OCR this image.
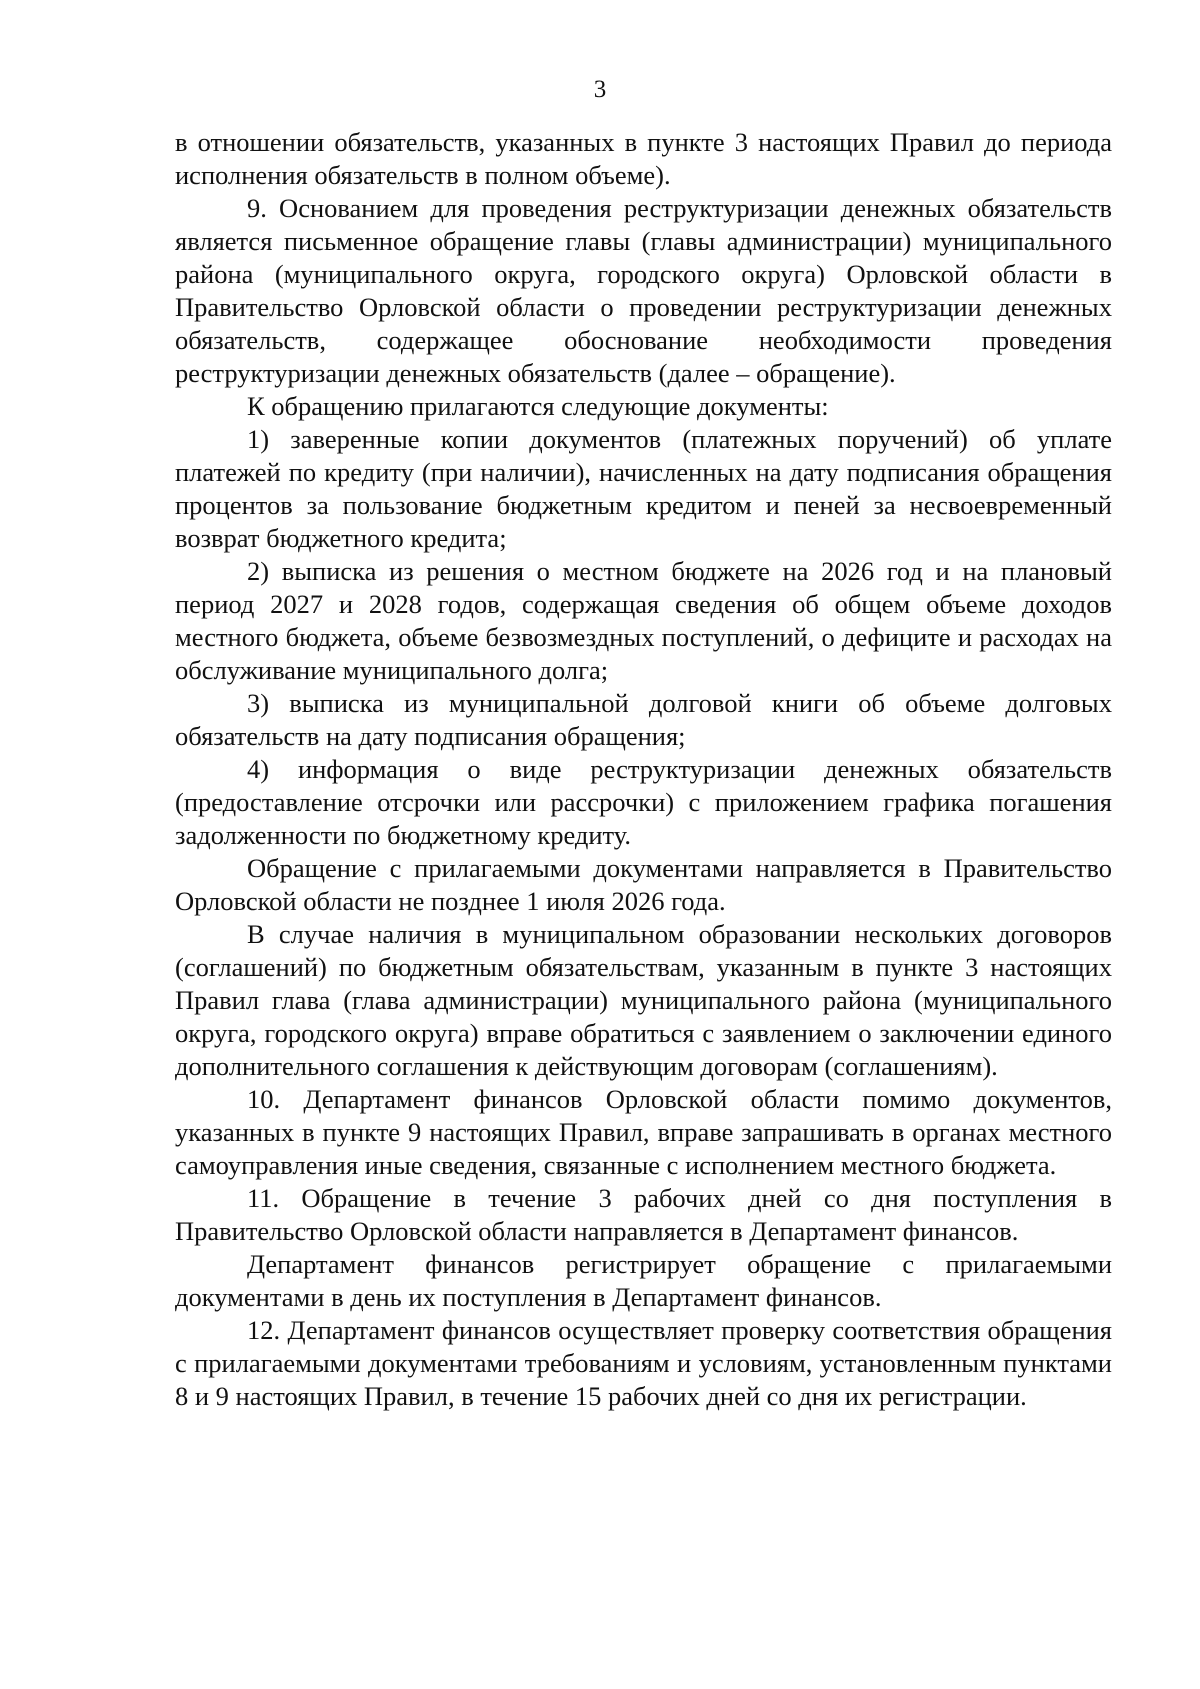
3

в отношении обязательств, указанных в пункте 3 настоящих Правил до периода исполнения обязательств в полном объеме).

9. Основанием для проведения реструктуризации денежных обязательств является письменное обращение главы (главы администрации) муниципального района (муниципального округа, городского округа) Орловской области в Правительство Орловской области о проведении реструктуризации денежных обязательств, содержащее обоснование необходимости проведения реструктуризации денежных обязательств (далее – обращение).

К обращению прилагаются следующие документы:

1) заверенные копии документов (платежных поручений) об уплате платежей по кредиту (при наличии), начисленных на дату подписания обращения процентов за пользование бюджетным кредитом и пеней за несвоевременный возврат бюджетного кредита;

2) выписка из решения о местном бюджете на 2026 год и на плановый период 2027 и 2028 годов, содержащая сведения об общем объеме доходов местного бюджета, объеме безвозмездных поступлений, о дефиците и расходах на обслуживание муниципального долга;

3) выписка из муниципальной долговой книги об объеме долговых обязательств на дату подписания обращения;

4) информация о виде реструктуризации денежных обязательств (предоставление отсрочки или рассрочки) с приложением графика погашения задолженности по бюджетному кредиту.

Обращение с прилагаемыми документами направляется в Правительство Орловской области не позднее 1 июля 2026 года.

В случае наличия в муниципальном образовании нескольких договоров (соглашений) по бюджетным обязательствам, указанным в пункте 3 настоящих Правил глава (глава администрации) муниципального района (муниципального округа, городского округа) вправе обратиться с заявлением о заключении единого дополнительного соглашения к действующим договорам (соглашениям).

10. Департамент финансов Орловской области помимо документов, указанных в пункте 9 настоящих Правил, вправе запрашивать в органах местного самоуправления иные сведения, связанные с исполнением местного бюджета.

11. Обращение в течение 3 рабочих дней со дня поступления в Правительство Орловской области направляется в Департамент финансов.

Департамент финансов регистрирует обращение с прилагаемыми документами в день их поступления в Департамент финансов.

12. Департамент финансов осуществляет проверку соответствия обращения с прилагаемыми документами требованиям и условиям, установленным пунктами 8 и 9 настоящих Правил, в течение 15 рабочих дней со дня их регистрации.
